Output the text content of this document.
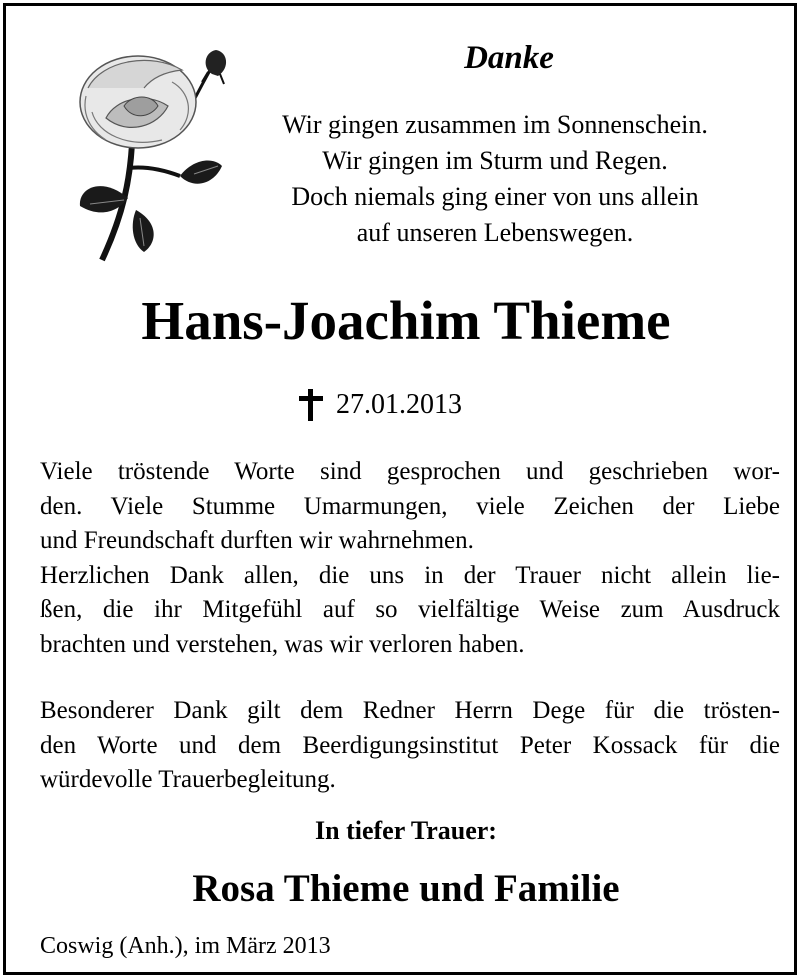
Danke
Wir gingen zusammen im Sonnenschein.
Wir gingen im Sturm und Regen.
Doch niemals ging einer von uns allein
auf unseren Lebenswegen.
Hans-Joachim Thieme
27.01.2013
Viele tröstende Worte sind gesprochen und geschrieben wor-
den. Viele Stumme Umarmungen, viele Zeichen der Liebe
und Freundschaft durften wir wahrnehmen.
Herzlichen Dank allen, die uns in der Trauer nicht allein lie-
ßen, die ihr Mitgefühl auf so vielfältige Weise zum Ausdruck
brachten und verstehen, was wir verloren haben.
Besonderer Dank gilt dem Redner Herrn Dege für die trösten-
den Worte und dem Beerdigungsinstitut Peter Kossack für die
würdevolle Trauerbegleitung.
In tiefer Trauer:
Rosa Thieme und Familie
Coswig (Anh.), im März 2013
